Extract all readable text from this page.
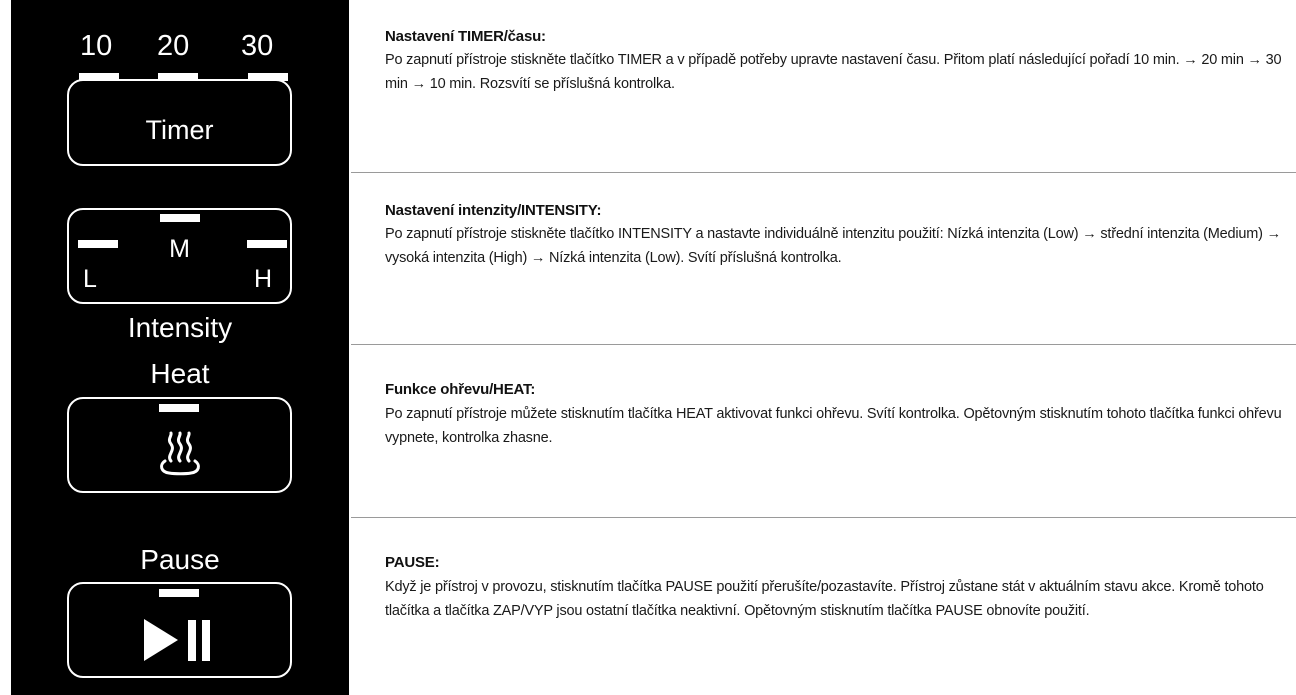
10 20 30
Timer
M
L	H
Intensity
Heat
Pause
Nastavení TIMER/času:
Po zapnutí přístroje stiskněte tlačítko TIMER a v případě potřeby upravte nastavení času. Přitom platí následující pořadí 10 min. → 20 min → 30 min → 10 min. Rozsvítí se příslušná kontrolka.
Nastavení intenzity/INTENSITY:
Po zapnutí přístroje stiskněte tlačítko INTENSITY a nastavte individuálně intenzitu použití: Nízká intenzita (Low) → střední intenzita (Medium) → vysoká intenzita (High) → Nízká intenzita (Low). Svítí příslušná kontrolka.
Funkce ohřevu/HEAT:
Po zapnutí přístroje můžete stisknutím tlačítka HEAT aktivovat funkci ohřevu. Svítí kontrolka. Opětovným stisknutím tohoto tlačítka funkci ohřevu vypnete, kontrolka zhasne.
PAUSE:
Když je přístroj v provozu, stisknutím tlačítka PAUSE použití přerušíte/pozastavíte. Přístroj zůstane stát v aktuálním stavu akce. Kromě tohoto tlačítka a tlačítka ZAP/VYP jsou ostatní tlačítka neaktivní. Opětovným stisknutím tlačítka PAUSE obnovíte použití.
